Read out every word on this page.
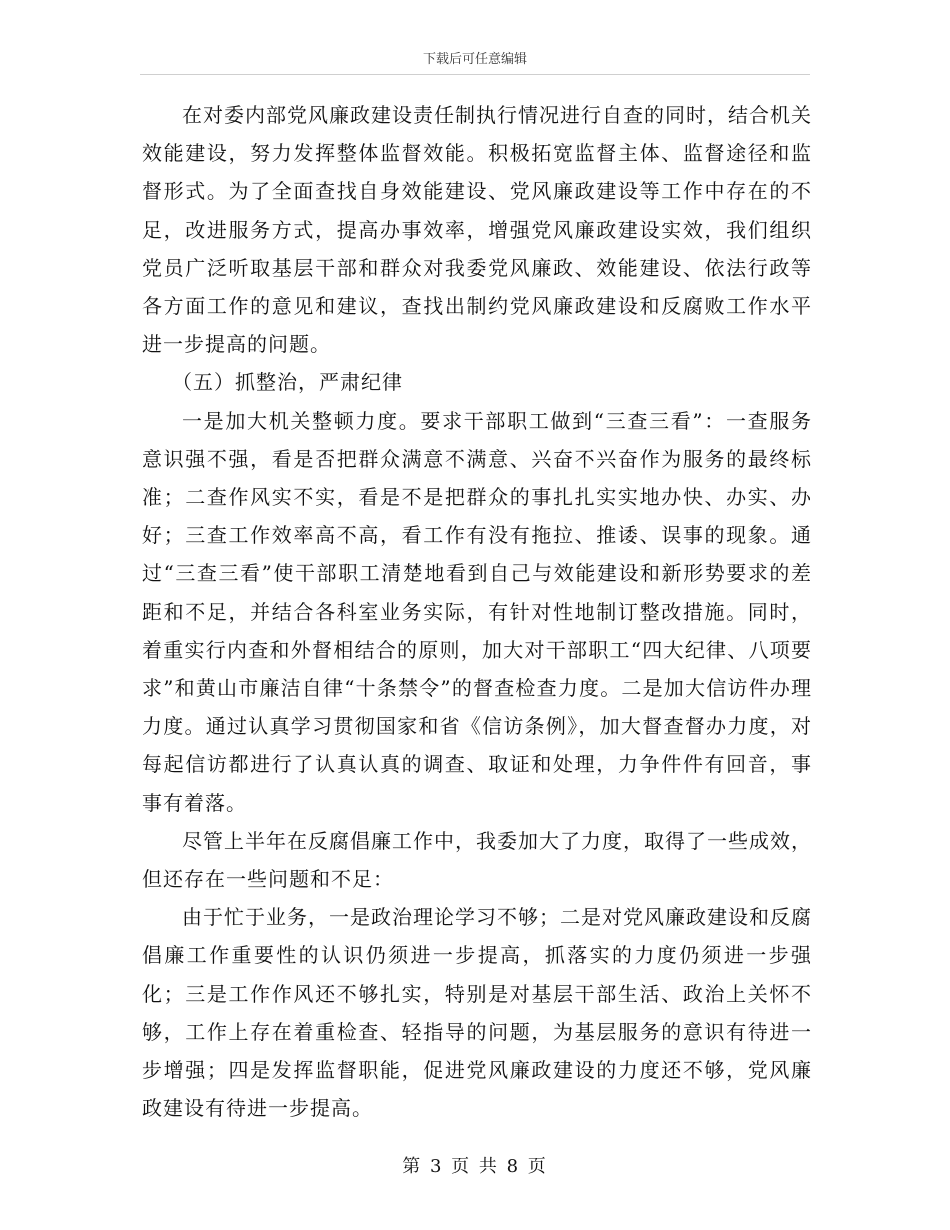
下载后可任意编辑

在对委内部党风廉政建设责任制执行情况进行自查的同时，结合机关效能建设，努力发挥整体监督效能。积极拓宽监督主体、监督途径和监督形式。为了全面查找自身效能建设、党风廉政建设等工作中存在的不足，改进服务方式，提高办事效率，增强党风廉政建设实效，我们组织党员广泛听取基层干部和群众对我委党风廉政、效能建设、依法行政等各方面工作的意见和建议，查找出制约党风廉政建设和反腐败工作水平进一步提高的问题。

（五）抓整治，严肃纪律

一是加大机关整顿力度。要求干部职工做到“三查三看”：一查服务意识强不强，看是否把群众满意不满意、兴奋不兴奋作为服务的最终标准；二查作风实不实，看是不是把群众的事扎扎实实地办快、办实、办好；三查工作效率高不高，看工作有没有拖拉、推诿、误事的现象。通过“三查三看”使干部职工清楚地看到自己与效能建设和新形势要求的差距和不足，并结合各科室业务实际，有针对性地制订整改措施。同时，着重实行内查和外督相结合的原则，加大对干部职工“四大纪律、八项要求”和黄山市廉洁自律“十条禁令”的督查检查力度。二是加大信访件办理力度。通过认真学习贯彻国家和省《信访条例》，加大督查督办力度，对每起信访都进行了认真认真的调查、取证和处理，力争件件有回音，事事有着落。

尽管上半年在反腐倡廉工作中，我委加大了力度，取得了一些成效，但还存在一些问题和不足：

由于忙于业务，一是政治理论学习不够；二是对党风廉政建设和反腐倡廉工作重要性的认识仍须进一步提高，抓落实的力度仍须进一步强化；三是工作作风还不够扎实，特别是对基层干部生活、政治上关怀不够，工作上存在着重检查、轻指导的问题，为基层服务的意识有待进一步增强；四是发挥监督职能，促进党风廉政建设的力度还不够，党风廉政建设有待进一步提高。

第 3 页 共 8 页
